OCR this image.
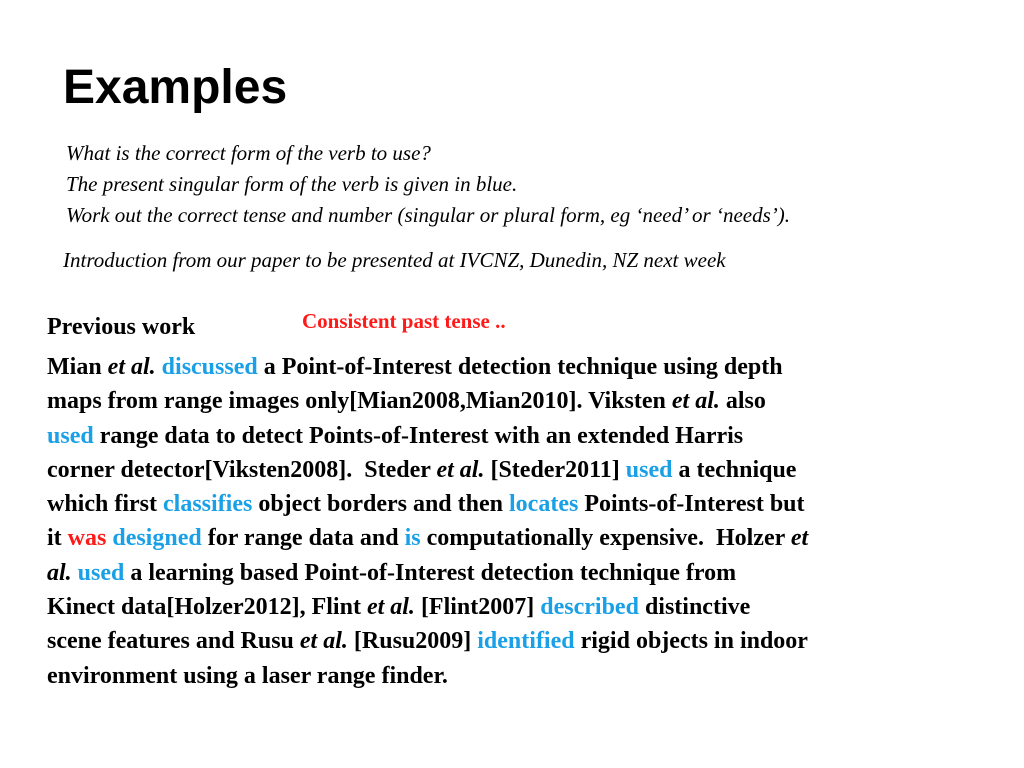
Examples
What is the correct form of the verb to use?
The present singular form of the verb is given in blue.
Work out the correct tense and number (singular or plural form, eg ‘need’ or ‘needs’).
Introduction from our paper to be presented at IVCNZ, Dunedin, NZ next week
Previous work	Consistent past tense ..
Mian et al. discussed a Point-of-Interest detection technique using depth
maps from range images only[Mian2008,Mian2010]. Viksten et al. also
used range data to detect Points-of-Interest with an extended Harris
corner detector[Viksten2008].  Steder et al. [Steder2011] used a technique
which first classifies object borders and then locates Points-of-Interest but
it was designed for range data and is computationally expensive.  Holzer et
al. used a learning based Point-of-Interest detection technique from
Kinect data[Holzer2012], Flint et al. [Flint2007] described distinctive
scene features and Rusu et al. [Rusu2009] identified rigid objects in indoor
environment using a laser range finder.
